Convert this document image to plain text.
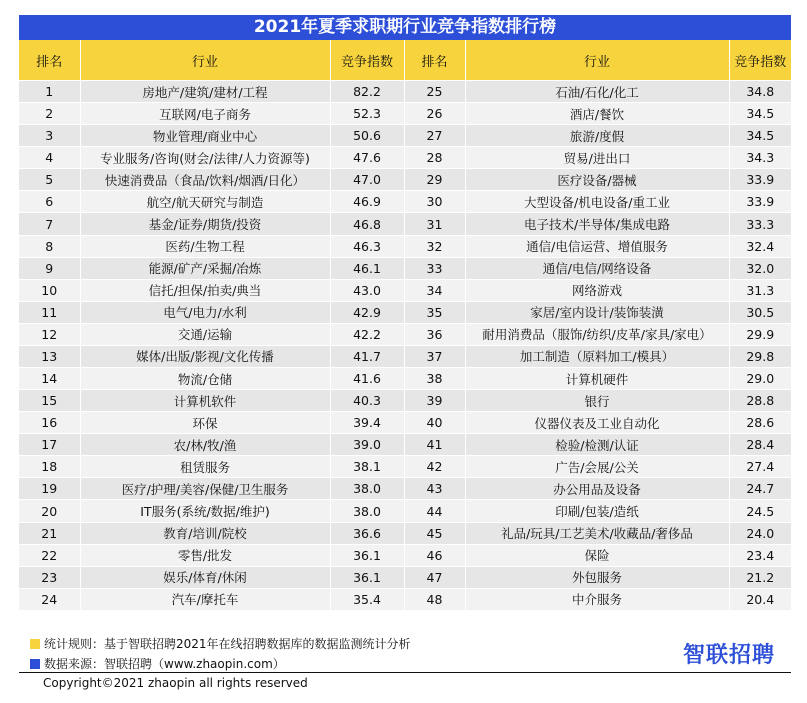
2021年夏季求职期行业竞争指数排行榜
排名	行业	竞争指数	排名	行业	竞争指数
1	房地产/建筑/建材/工程	82.2	25	石油/石化/化工	34.8
2	互联网/电子商务	52.3	26	酒店/餐饮	34.5
3	物业管理/商业中心	50.6	27	旅游/度假	34.5
4	专业服务/咨询(财会/法律/人力资源等)	47.6	28	贸易/进出口	34.3
5	快速消费品（食品/饮料/烟酒/日化）	47.0	29	医疗设备/器械	33.9
6	航空/航天研究与制造	46.9	30	大型设备/机电设备/重工业	33.9
7	基金/证券/期货/投资	46.8	31	电子技术/半导体/集成电路	33.3
8	医药/生物工程	46.3	32	通信/电信运营、增值服务	32.4
9	能源/矿产/采掘/冶炼	46.1	33	通信/电信/网络设备	32.0
10	信托/担保/拍卖/典当	43.0	34	网络游戏	31.3
11	电气/电力/水利	42.9	35	家居/室内设计/装饰装潢	30.5
12	交通/运输	42.2	36	耐用消费品（服饰/纺织/皮革/家具/家电）	29.9
13	媒体/出版/影视/文化传播	41.7	37	加工制造（原料加工/模具）	29.8
14	物流/仓储	41.6	38	计算机硬件	29.0
15	计算机软件	40.3	39	银行	28.8
16	环保	39.4	40	仪器仪表及工业自动化	28.6
17	农/林/牧/渔	39.0	41	检验/检测/认证	28.4
18	租赁服务	38.1	42	广告/会展/公关	27.4
19	医疗/护理/美容/保健/卫生服务	38.0	43	办公用品及设备	24.7
20	IT服务(系统/数据/维护)	38.0	44	印刷/包装/造纸	24.5
21	教育/培训/院校	36.6	45	礼品/玩具/工艺美术/收藏品/奢侈品	24.0
22	零售/批发	36.1	46	保险	23.4
23	娱乐/体育/休闲	36.1	47	外包服务	21.2
24	汽车/摩托车	35.4	48	中介服务	20.4
统计规则：基于智联招聘2021年在线招聘数据库的数据监测统计分析
数据来源：智联招聘（www.zhaopin.com）	智联招聘
Copyright©2021 zhaopin all rights reserved
